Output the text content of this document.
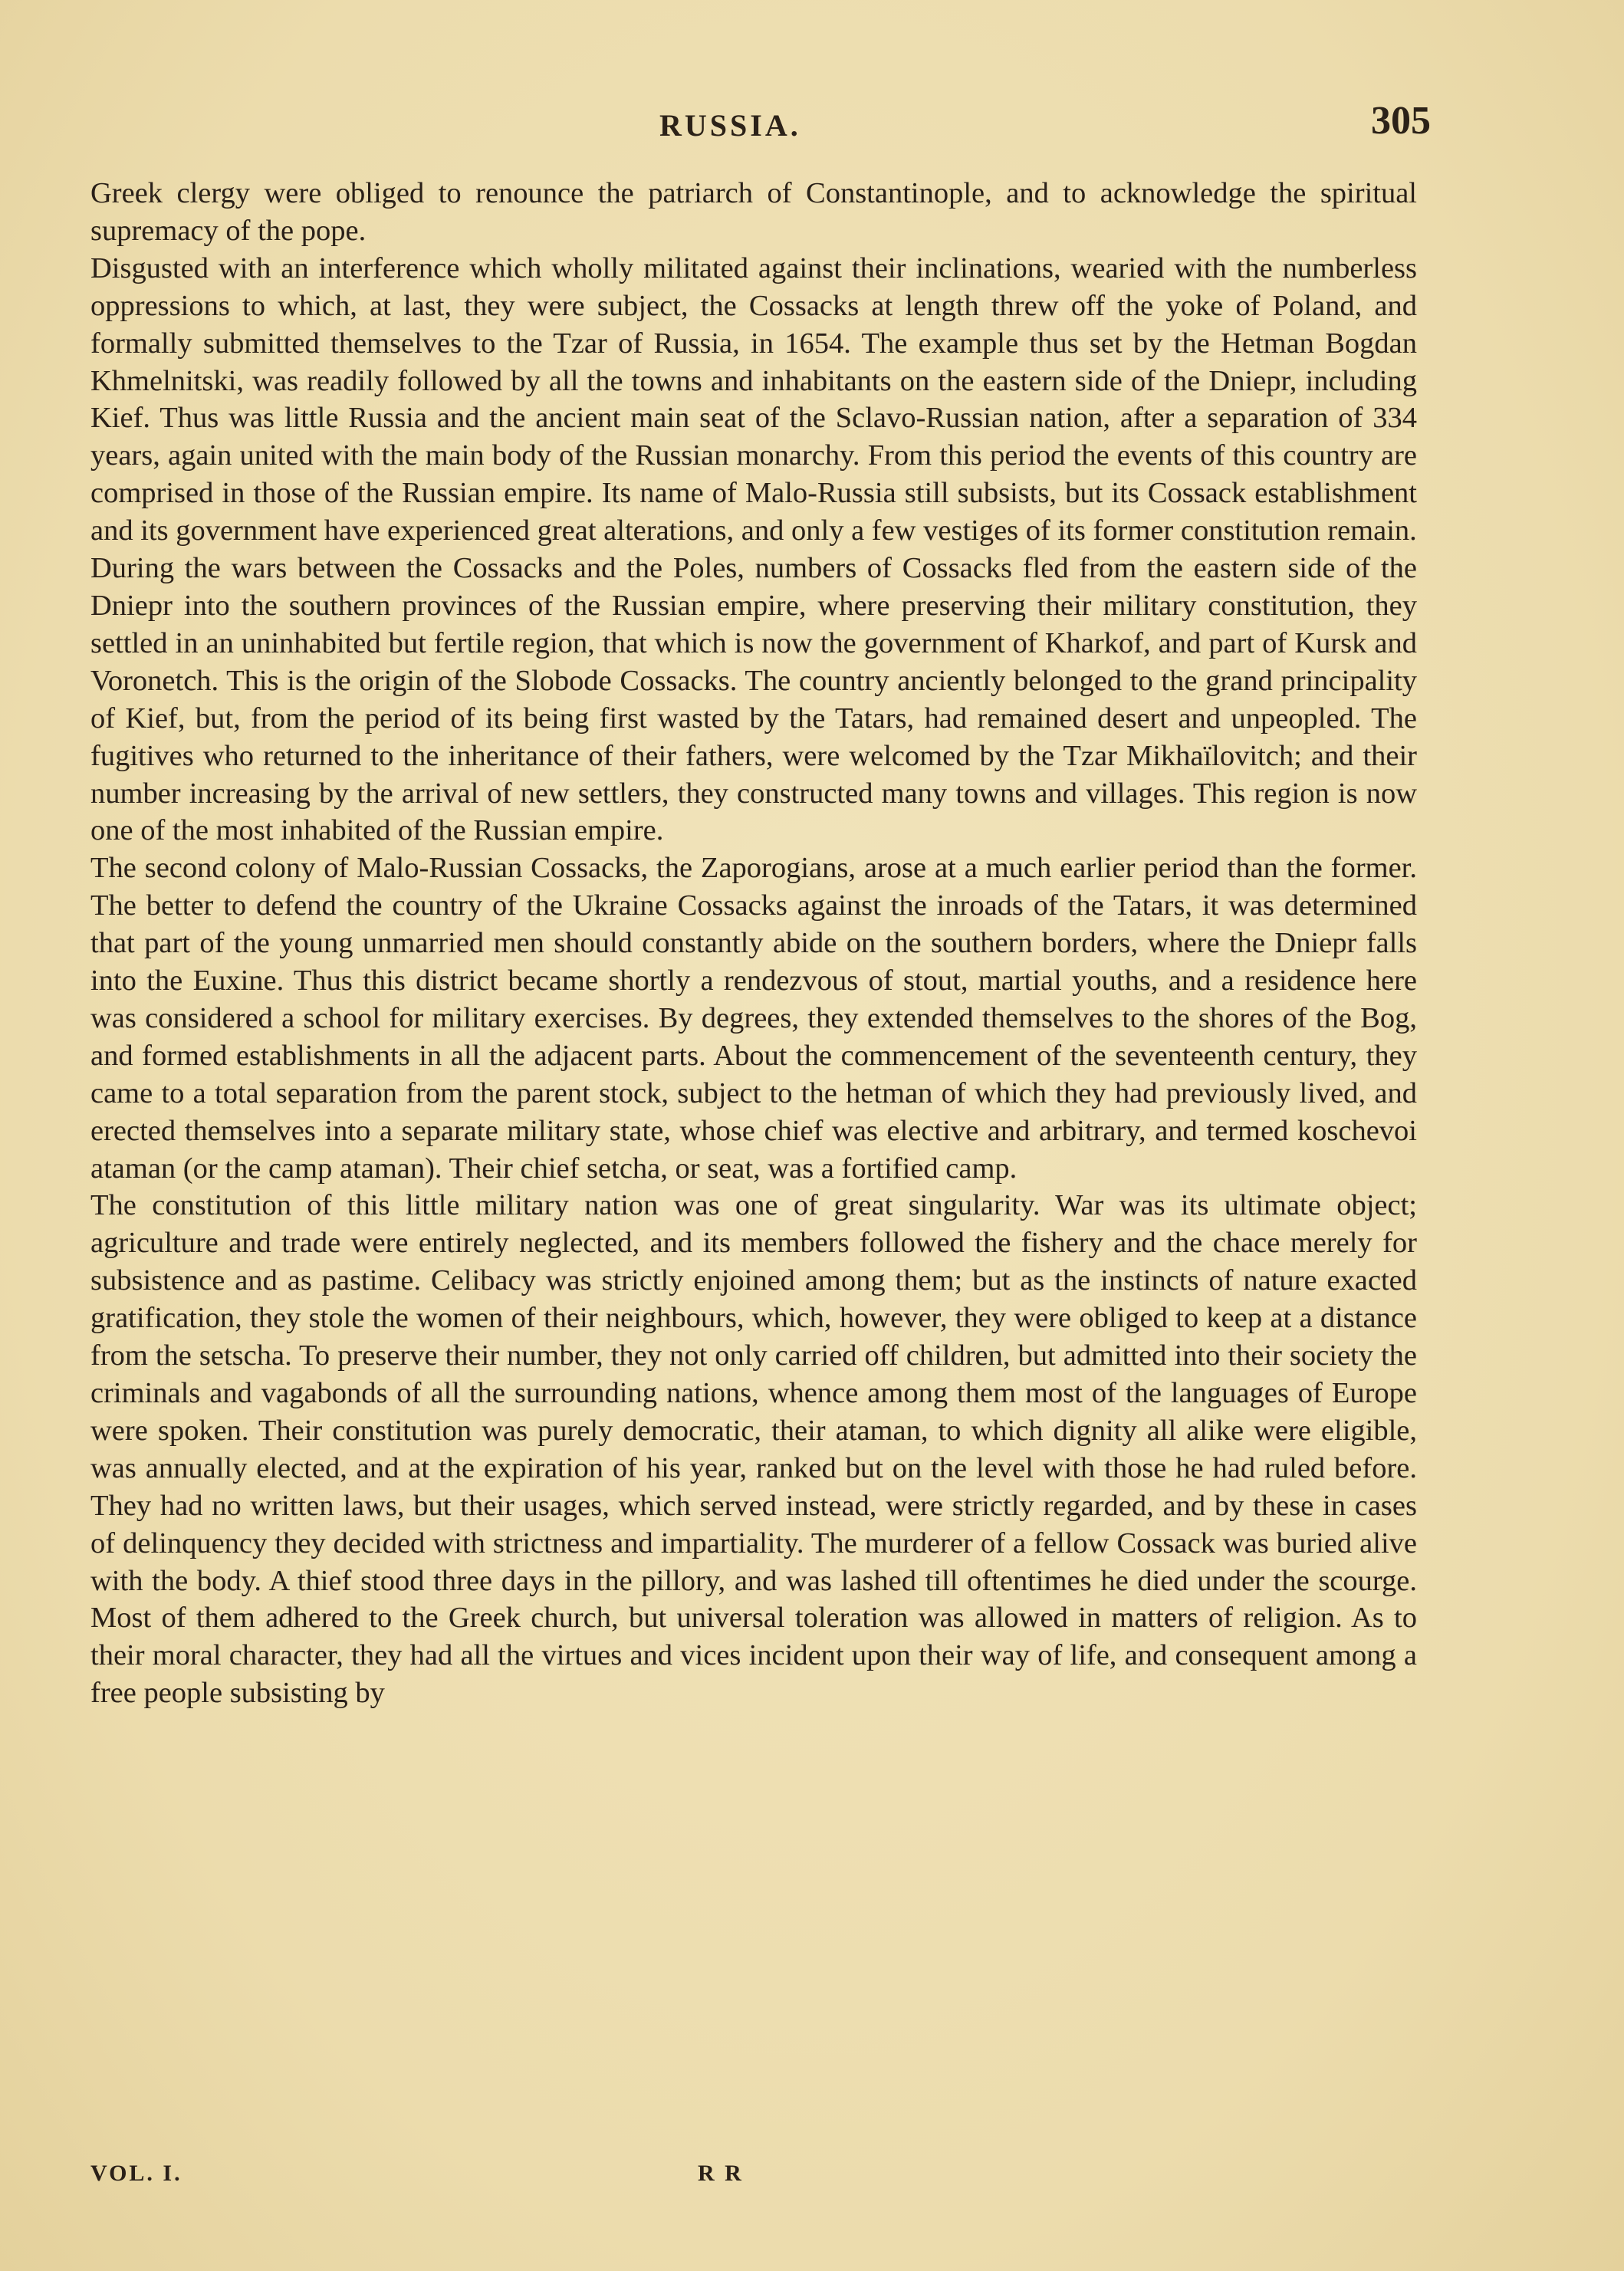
RUSSIA.	305

Greek clergy were obliged to renounce the patriarch of Constantinople, and to acknowledge the spiritual supremacy of the pope.

Disgusted with an interference which wholly militated against their inclinations, wearied with the numberless oppressions to which, at last, they were subject, the Cossacks at length threw off the yoke of Poland, and formally submitted themselves to the Tzar of Russia, in 1654. The example thus set by the Hetman Bogdan Khmelnitski, was readily followed by all the towns and inhabitants on the eastern side of the Dniepr, including Kief. Thus was little Russia and the ancient main seat of the Sclavo-Russian nation, after a separation of 334 years, again united with the main body of the Russian monarchy. From this period the events of this country are comprised in those of the Russian empire. Its name of Malo-Russia still subsists, but its Cossack establishment and its government have experienced great alterations, and only a few vestiges of its former constitution remain.

During the wars between the Cossacks and the Poles, numbers of Cossacks fled from the eastern side of the Dniepr into the southern provinces of the Russian empire, where preserving their military constitution, they settled in an uninhabited but fertile region, that which is now the government of Kharkof, and part of Kursk and Voronetch. This is the origin of the Slobode Cossacks. The country anciently belonged to the grand principality of Kief, but, from the period of its being first wasted by the Tatars, had remained desert and unpeopled. The fugitives who returned to the inheritance of their fathers, were welcomed by the Tzar Mikhaïlovitch; and their number increasing by the arrival of new settlers, they constructed many towns and villages. This region is now one of the most inhabited of the Russian empire.

The second colony of Malo-Russian Cossacks, the Zaporogians, arose at a much earlier period than the former. The better to defend the country of the Ukraine Cossacks against the inroads of the Tatars, it was determined that part of the young unmarried men should constantly abide on the southern borders, where the Dniepr falls into the Euxine. Thus this district became shortly a rendezvous of stout, martial youths, and a residence here was considered a school for military exercises. By degrees, they extended themselves to the shores of the Bog, and formed establishments in all the adjacent parts. About the commencement of the seventeenth century, they came to a total separation from the parent stock, subject to the hetman of which they had previously lived, and erected themselves into a separate military state, whose chief was elective and arbitrary, and termed koschevoi ataman (or the camp ataman). Their chief setcha, or seat, was a fortified camp.

The constitution of this little military nation was one of great singularity. War was its ultimate object; agriculture and trade were entirely neglected, and its members followed the fishery and the chace merely for subsistence and as pastime. Celibacy was strictly enjoined among them; but as the instincts of nature exacted gratification, they stole the women of their neighbours, which, however, they were obliged to keep at a distance from the setscha. To preserve their number, they not only carried off children, but admitted into their society the criminals and vagabonds of all the surrounding nations, whence among them most of the languages of Europe were spoken. Their constitution was purely democratic, their ataman, to which dignity all alike were eligible, was annually elected, and at the expiration of his year, ranked but on the level with those he had ruled before. They had no written laws, but their usages, which served instead, were strictly regarded, and by these in cases of delinquency they decided with strictness and impartiality. The murderer of a fellow Cossack was buried alive with the body. A thief stood three days in the pillory, and was lashed till oftentimes he died under the scourge. Most of them adhered to the Greek church, but universal toleration was allowed in matters of religion. As to their moral character, they had all the virtues and vices incident upon their way of life, and consequent among a free people subsisting by

VOL. I.	R R
